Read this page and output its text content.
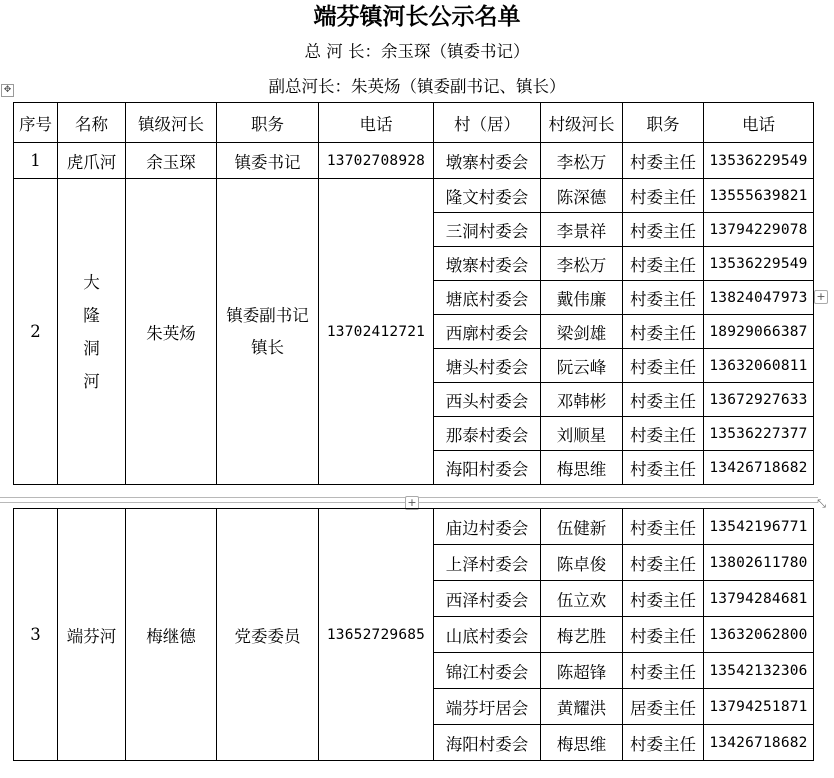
端芬镇河长公示名单
总 河 长：余玉琛（镇委书记）
副总河长：朱英炀（镇委副书记、镇长）
✥
序号	名称	镇级河长	职务	电话	村（居）	村级河长	职务	电话
1	虎爪河	余玉琛	镇委书记	13702708928	墩寨村委会	李松万	村委主任	13536229549
2	大
隆
洞
河	朱英炀	镇委副书记
镇长	13702412721	隆文村委会	陈深德	村委主任	13555639821
					三洞村委会	李景祥	村委主任	13794229078
					墩寨村委会	李松万	村委主任	13536229549
					塘底村委会	戴伟廉	村委主任	13824047973
					西廓村委会	梁剑雄	村委主任	18929066387
					塘头村委会	阮云峰	村委主任	13632060811
					西头村委会	邓韩彬	村委主任	13672927633
					那泰村委会	刘顺星	村委主任	13536227377
					海阳村委会	梅思维	村委主任	13426718682
+
+	⤡
3	端芬河	梅继德	党委委员	13652729685	庙边村委会	伍健新	村委主任	13542196771
					上泽村委会	陈卓俊	村委主任	13802611780
					西泽村委会	伍立欢	村委主任	13794284681
					山底村委会	梅艺胜	村委主任	13632062800
					锦江村委会	陈超锋	村委主任	13542132306
					端芬圩居会	黄耀洪	居委主任	13794251871
					海阳村委会	梅思维	村委主任	13426718682
